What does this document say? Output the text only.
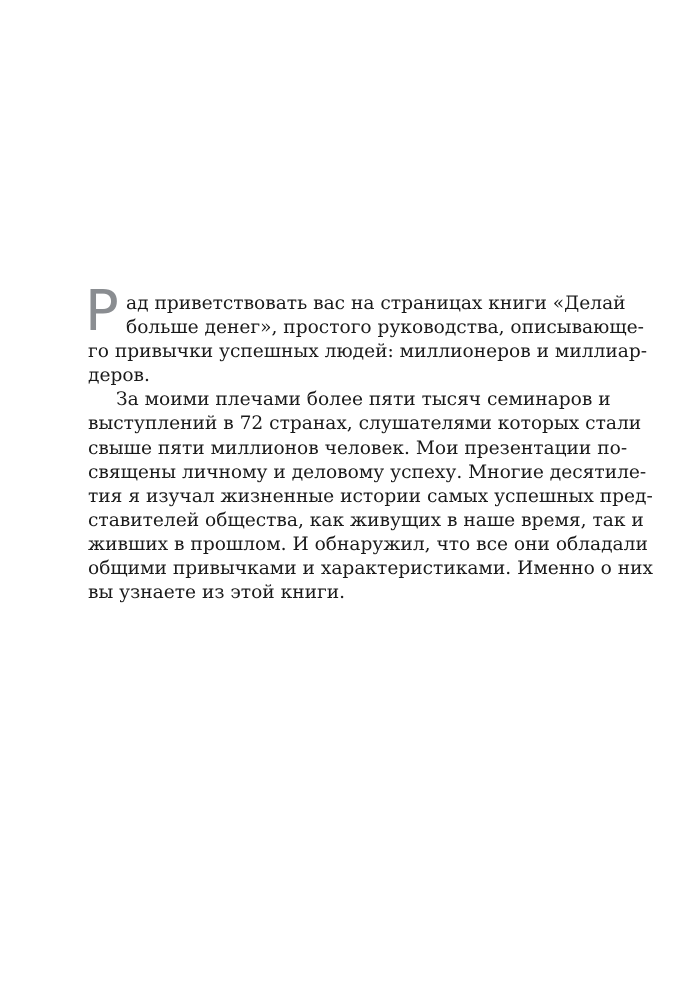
Р ад приветствовать вас на страницах книги «Делай
больше денег», простого руководства, описывающе-
го привычки успешных людей: миллионеров и миллиар-
деров.
За моими плечами более пяти тысяч семинаров и
выступлений в 72 странах, слушателями которых стали
свыше пяти миллионов человек. Мои презентации по-
священы личному и деловому успеху. Многие десятиле-
тия я изучал жизненные истории самых успешных пред-
ставителей общества, как живущих в наше время, так и
живших в прошлом. И обнаружил, что все они обладали
общими привычками и характеристиками. Именно о них
вы узнаете из этой книги.
